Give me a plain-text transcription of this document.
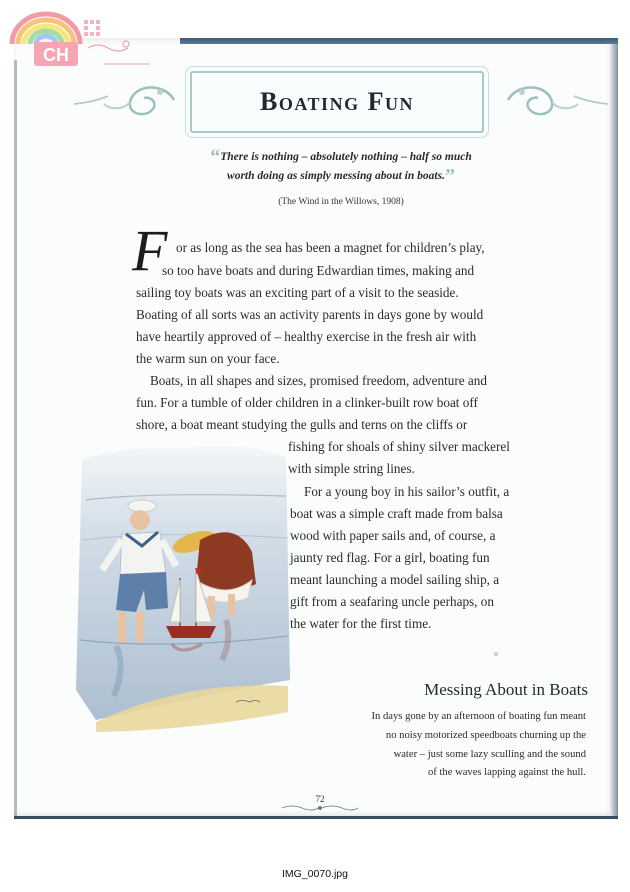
CH
Boating Fun
“There is nothing – absolutely nothing – half so much
worth doing as simply messing about in boats.”
(The Wind in the Willows, 1908)
F or as long as the sea has been a magnet for children’s play,
so too have boats and during Edwardian times, making and
sailing toy boats was an exciting part of a visit to the seaside.
Boating of all sorts was an activity parents in days gone by would
have heartily approved of – healthy exercise in the fresh air with
the warm sun on your face.
Boats, in all shapes and sizes, promised freedom, adventure and
fun. For a tumble of older children in a clinker-built row boat off
shore, a boat meant studying the gulls and terns on the cliffs or
fishing for shoals of shiny silver mackerel
with simple string lines.
For a young boy in his sailor’s outfit, a
boat was a simple craft made from balsa
wood with paper sails and, of course, a
jaunty red flag. For a girl, boating fun
meant launching a model sailing ship, a
gift from a seafaring uncle perhaps, on
the water for the first time.
Messing About in Boats
In days gone by an afternoon of boating fun meant
no noisy motorized speedboats churning up the
water – just some lazy sculling and the sound
of the waves lapping against the hull.
72
IMG_0070.jpg
